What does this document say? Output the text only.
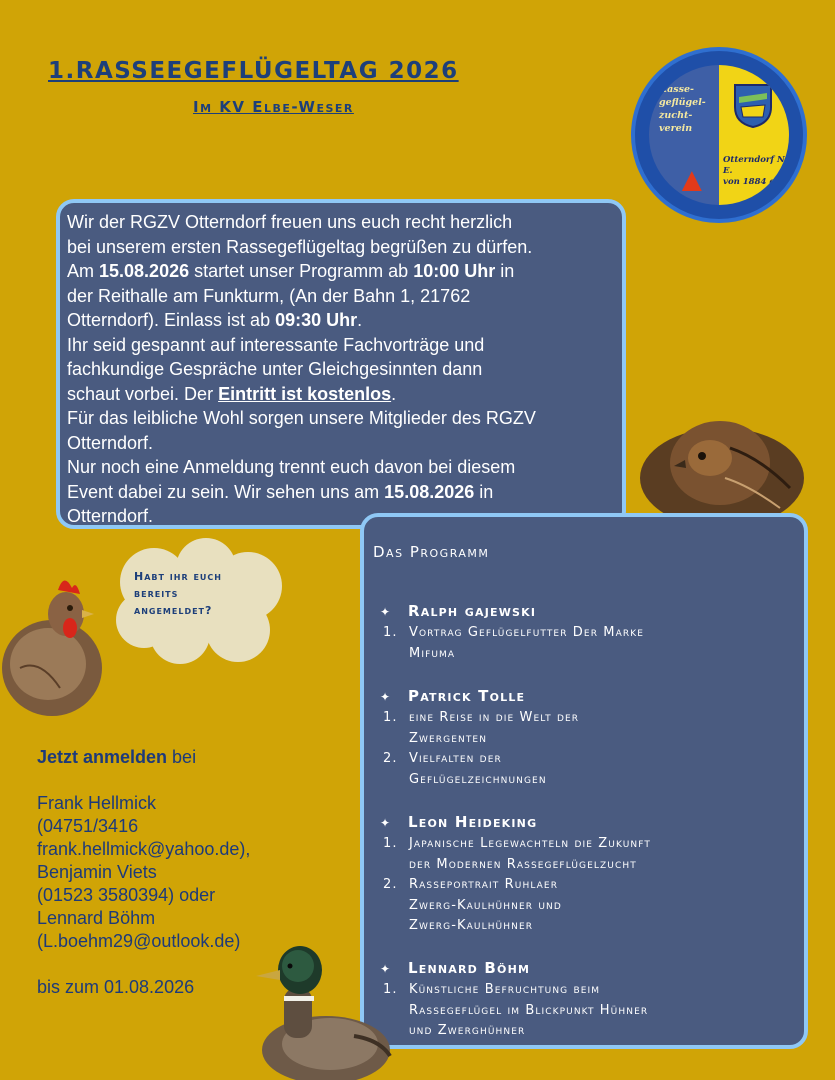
1.RASSEEGEFLÜGELTAG 2026
Im KV Elbe-Weser
Rasse-
geflügel-
zucht-
verein
▲
Otterndorf N. E.
von 1884 e. V.
Wir der RGZV Otterndorf freuen uns euch recht herzlich
bei unserem ersten Rassegeflügeltag begrüßen zu dürfen.
Am 15.08.2026 startet unser Programm ab 10:00 Uhr in
der Reithalle am Funkturm, (An der Bahn 1, 21762
Otterndorf). Einlass ist ab 09:30 Uhr.
Ihr seid gespannt auf interessante Fachvorträge und
fachkundige Gespräche unter Gleichgesinnten dann
schaut vorbei. Der Eintritt ist kostenlos.
Für das leibliche Wohl sorgen unsere Mitglieder des RGZV
Otterndorf.
Nur noch eine Anmeldung trennt euch davon bei diesem
Event dabei zu sein. Wir sehen uns am 15.08.2026 in
Otterndorf.
Das Programm
✦ Ralph gajewski
1. Vortrag Geflügelfutter Der Marke
Mifuma
✦ Patrick Tolle
1. eine Reise in die Welt der
Zwergenten
2. Vielfalten der
Geflügelzeichnungen
✦ Leon Heideking
1. Japanische Legewachteln die Zukunft
der Modernen Rassegeflügelzucht
2. Rasseportrait Ruhlaer
Zwerg-Kaulhühner und
Zwerg-Kaulhühner
✦ Lennard Böhm
1. Künstliche Befruchtung beim
Rassegeflügel im Blickpunkt Hühner
und Zwerghühner
Habt ihr euch
bereits
angemeldet?
Jetzt anmelden bei
Frank Hellmick
(04751/3416
frank.hellmick@yahoo.de),
Benjamin Viets
(01523 3580394) oder
Lennard Böhm
(L.boehm29@outlook.de)
bis zum 01.08.2026
